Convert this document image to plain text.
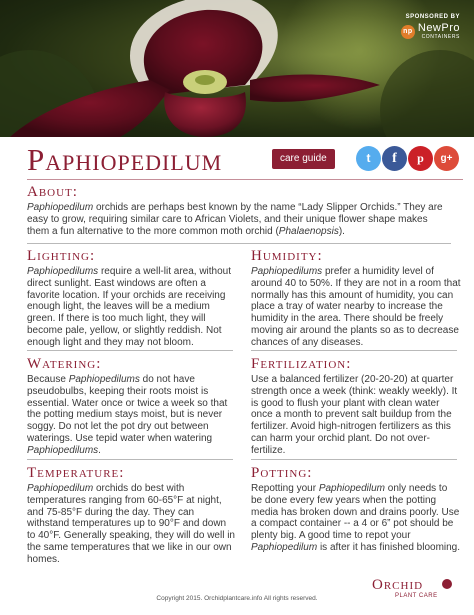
SPONSORED BY
np NewPro
CONTAINERS
Paphiopedilum	care guide	t	f	p	g+
About:
Paphiopedilum orchids are perhaps best known by the name “Lady Slipper Orchids.” They are easy to grow, requiring similar care to African Violets, and their unique flower shape makes them a fun alternative to the more common moth orchid (Phalaenopsis).
Lighting:
Paphiopedilums require a well-lit area, without direct sunlight. East windows are often a favorite location. If your orchids are receiving enough light, the leaves will be a medium green. If there is too much light, they will become pale, yellow, or slightly reddish. Not enough light and they may not bloom.
Humidity:
Paphiopedilums prefer a humidity level of around 40 to 50%. If they are not in a room that normally has this amount of humidity, you can place a tray of water nearby to increase the humidity in the area. There should be freely moving air around the plants so as to decrease chances of any diseases.
Watering:
Because Paphiopedilums do not have pseudobulbs, keeping their roots moist is essential. Water once or twice a week so that the potting medium stays moist, but is never soggy. Do not let the pot dry out between waterings. Use tepid water when watering Paphiopedilums.
Fertilization:
Use a balanced fertilizer (20-20-20) at quarter strength once a week (think: weakly weekly). It is good to flush your plant with clean water once a month to prevent salt buildup from the fertilizer. Avoid high-nitrogen fertilizers as this can harm your orchid plant. Do not over-fertilize.
Temperature:
Paphiopedilum orchids do best with temperatures ranging from 60-65°F at night, and 75-85°F during the day. They can withstand temperatures up to 90°F and down to 40°F. Generally speaking, they will do well in the same temperatures that we like in our own homes.
Potting:
Repotting your Paphiopedilum only needs to be done every few years when the potting media has broken down and drains poorly. Use a compact container -- a 4 or 6” pot should be plenty big. A good time to repot your Paphiopedilum is after it has finished blooming.
Copyright 2015. Orchidplantcare.info All rights reserved.
Orchid
PLANT CARE
